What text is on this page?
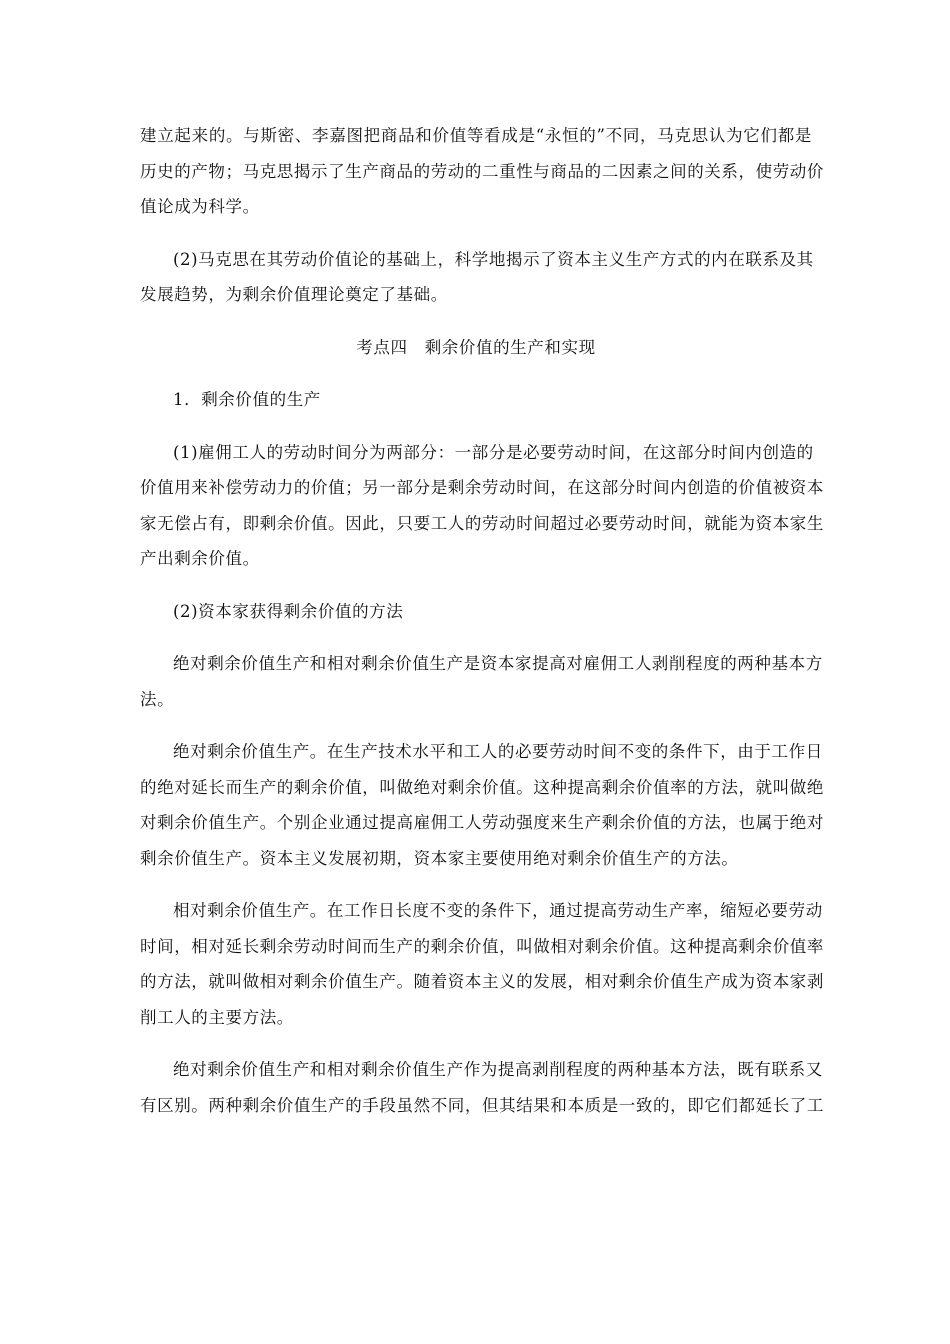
建立起来的。与斯密、李嘉图把商品和价值等看成是“永恒的”不同，马克思认为它们都是
历史的产物；马克思揭示了生产商品的劳动的二重性与商品的二因素之间的关系，使劳动价
值论成为科学。
(2)马克思在其劳动价值论的基础上，科学地揭示了资本主义生产方式的内在联系及其
发展趋势，为剩余价值理论奠定了基础。
考点四　剩余价值的生产和实现
1．剩余价值的生产
(1)雇佣工人的劳动时间分为两部分：一部分是必要劳动时间，在这部分时间内创造的
价值用来补偿劳动力的价值；另一部分是剩余劳动时间，在这部分时间内创造的价值被资本
家无偿占有，即剩余价值。因此，只要工人的劳动时间超过必要劳动时间，就能为资本家生
产出剩余价值。
(2)资本家获得剩余价值的方法
绝对剩余价值生产和相对剩余价值生产是资本家提高对雇佣工人剥削程度的两种基本方
法。
绝对剩余价值生产。在生产技术水平和工人的必要劳动时间不变的条件下，由于工作日
的绝对延长而生产的剩余价值，叫做绝对剩余价值。这种提高剩余价值率的方法，就叫做绝
对剩余价值生产。个别企业通过提高雇佣工人劳动强度来生产剩余价值的方法，也属于绝对
剩余价值生产。资本主义发展初期，资本家主要使用绝对剩余价值生产的方法。
相对剩余价值生产。在工作日长度不变的条件下，通过提高劳动生产率，缩短必要劳动
时间，相对延长剩余劳动时间而生产的剩余价值，叫做相对剩余价值。这种提高剩余价值率
的方法，就叫做相对剩余价值生产。随着资本主义的发展，相对剩余价值生产成为资本家剥
削工人的主要方法。
绝对剩余价值生产和相对剩余价值生产作为提高剥削程度的两种基本方法，既有联系又
有区别。两种剩余价值生产的手段虽然不同，但其结果和本质是一致的，即它们都延长了工
